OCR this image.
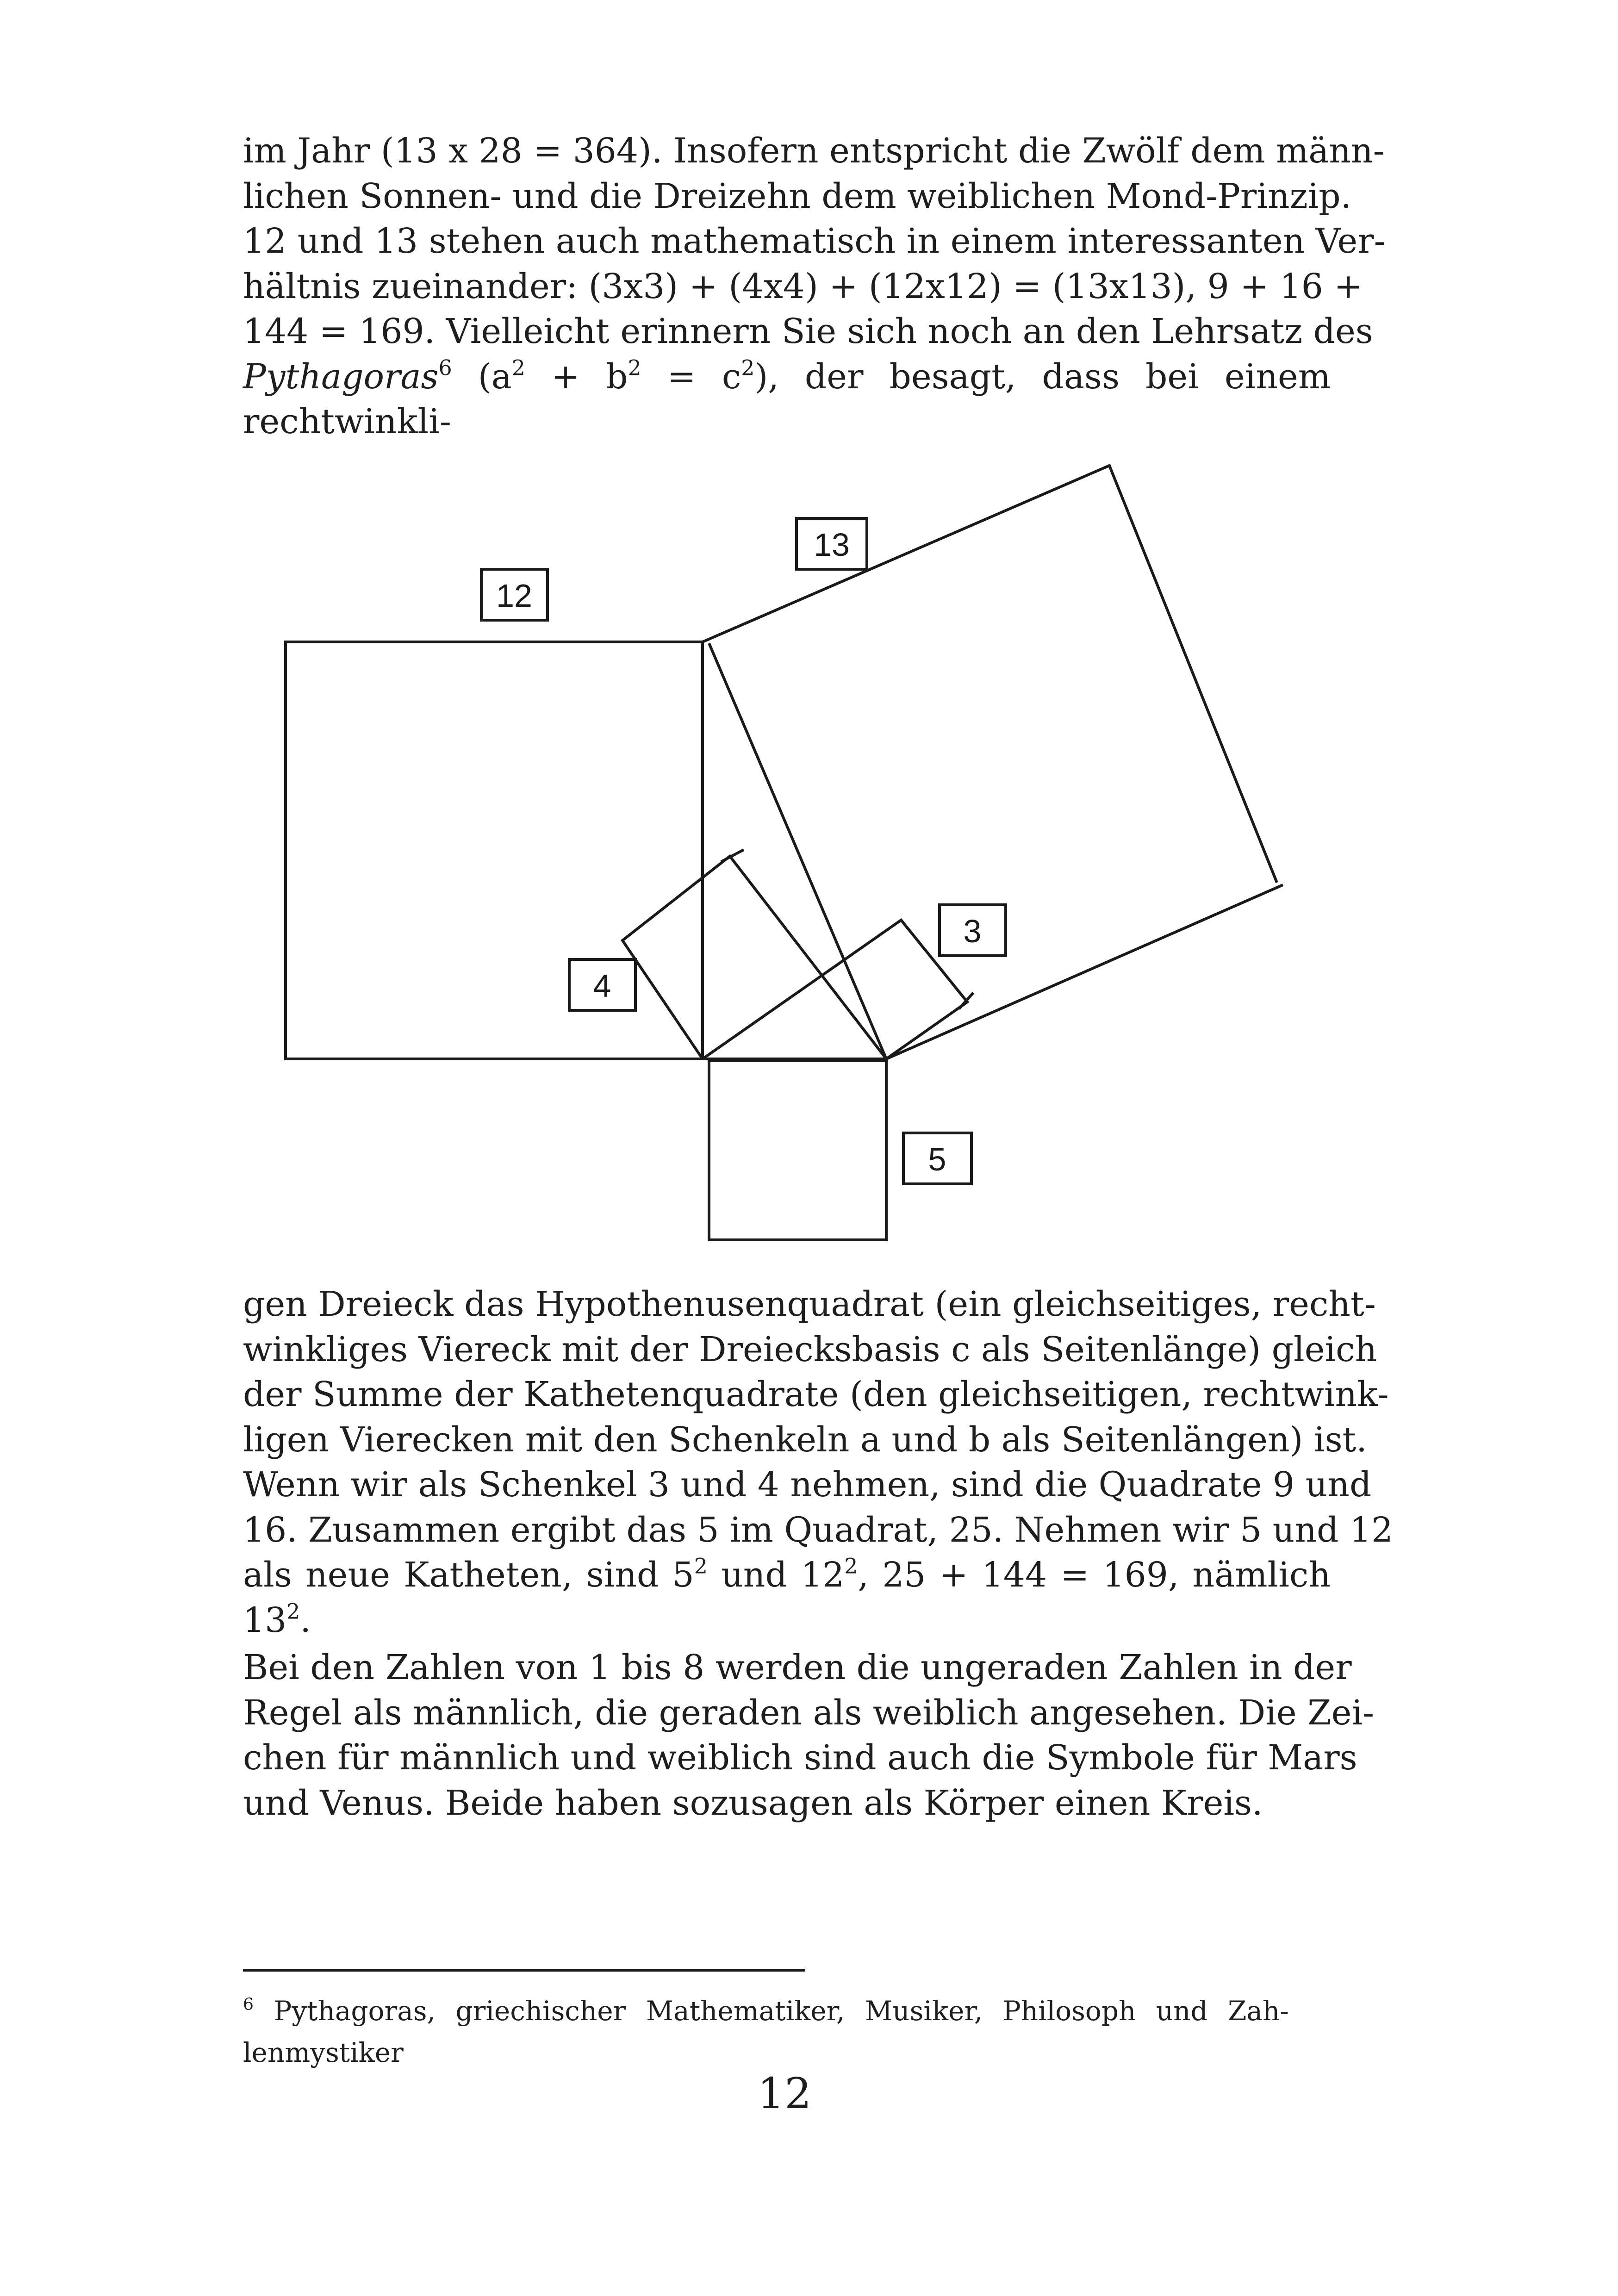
im Jahr (13 x 28 = 364). Insofern entspricht die Zwölf dem männ-
lichen Sonnen- und die Dreizehn dem weiblichen Mond-Prinzip.
12 und 13 stehen auch mathematisch in einem interessanten Ver-
hältnis zueinander: (3x3) + (4x4) + (12x12) = (13x13), 9 + 16 +
144 = 169. Vielleicht erinnern Sie sich noch an den Lehrsatz des
Pythagoras$^6$ $(a^2 + b^2 = c^2)$, der besagt, dass bei einem rechtwinkli-
12
13
4
3
5
gen Dreieck das Hypothenusenquadrat (ein gleichseitiges, recht-
winkliges Viereck mit der Dreiecksbasis c als Seitenlänge) gleich
der Summe der Kathetenquadrate (den gleichseitigen, rechtwink-
ligen Vierecken mit den Schenkeln a und b als Seitenlängen) ist.
Wenn wir als Schenkel 3 und 4 nehmen, sind die Quadrate 9 und
16. Zusammen ergibt das 5 im Quadrat, 25. Nehmen wir 5 und 12
als neue Katheten, sind $5^2$ und $12^2$, 25 + 144 = 169, nämlich $13^2$.
Bei den Zahlen von 1 bis 8 werden die ungeraden Zahlen in der
Regel als männlich, die geraden als weiblich angesehen. Die Zei-
chen für männlich und weiblich sind auch die Symbole für Mars
und Venus. Beide haben sozusagen als Körper einen Kreis.
$^6$ Pythagoras, griechischer Mathematiker, Musiker, Philosoph und Zah-
lenmystiker
12
